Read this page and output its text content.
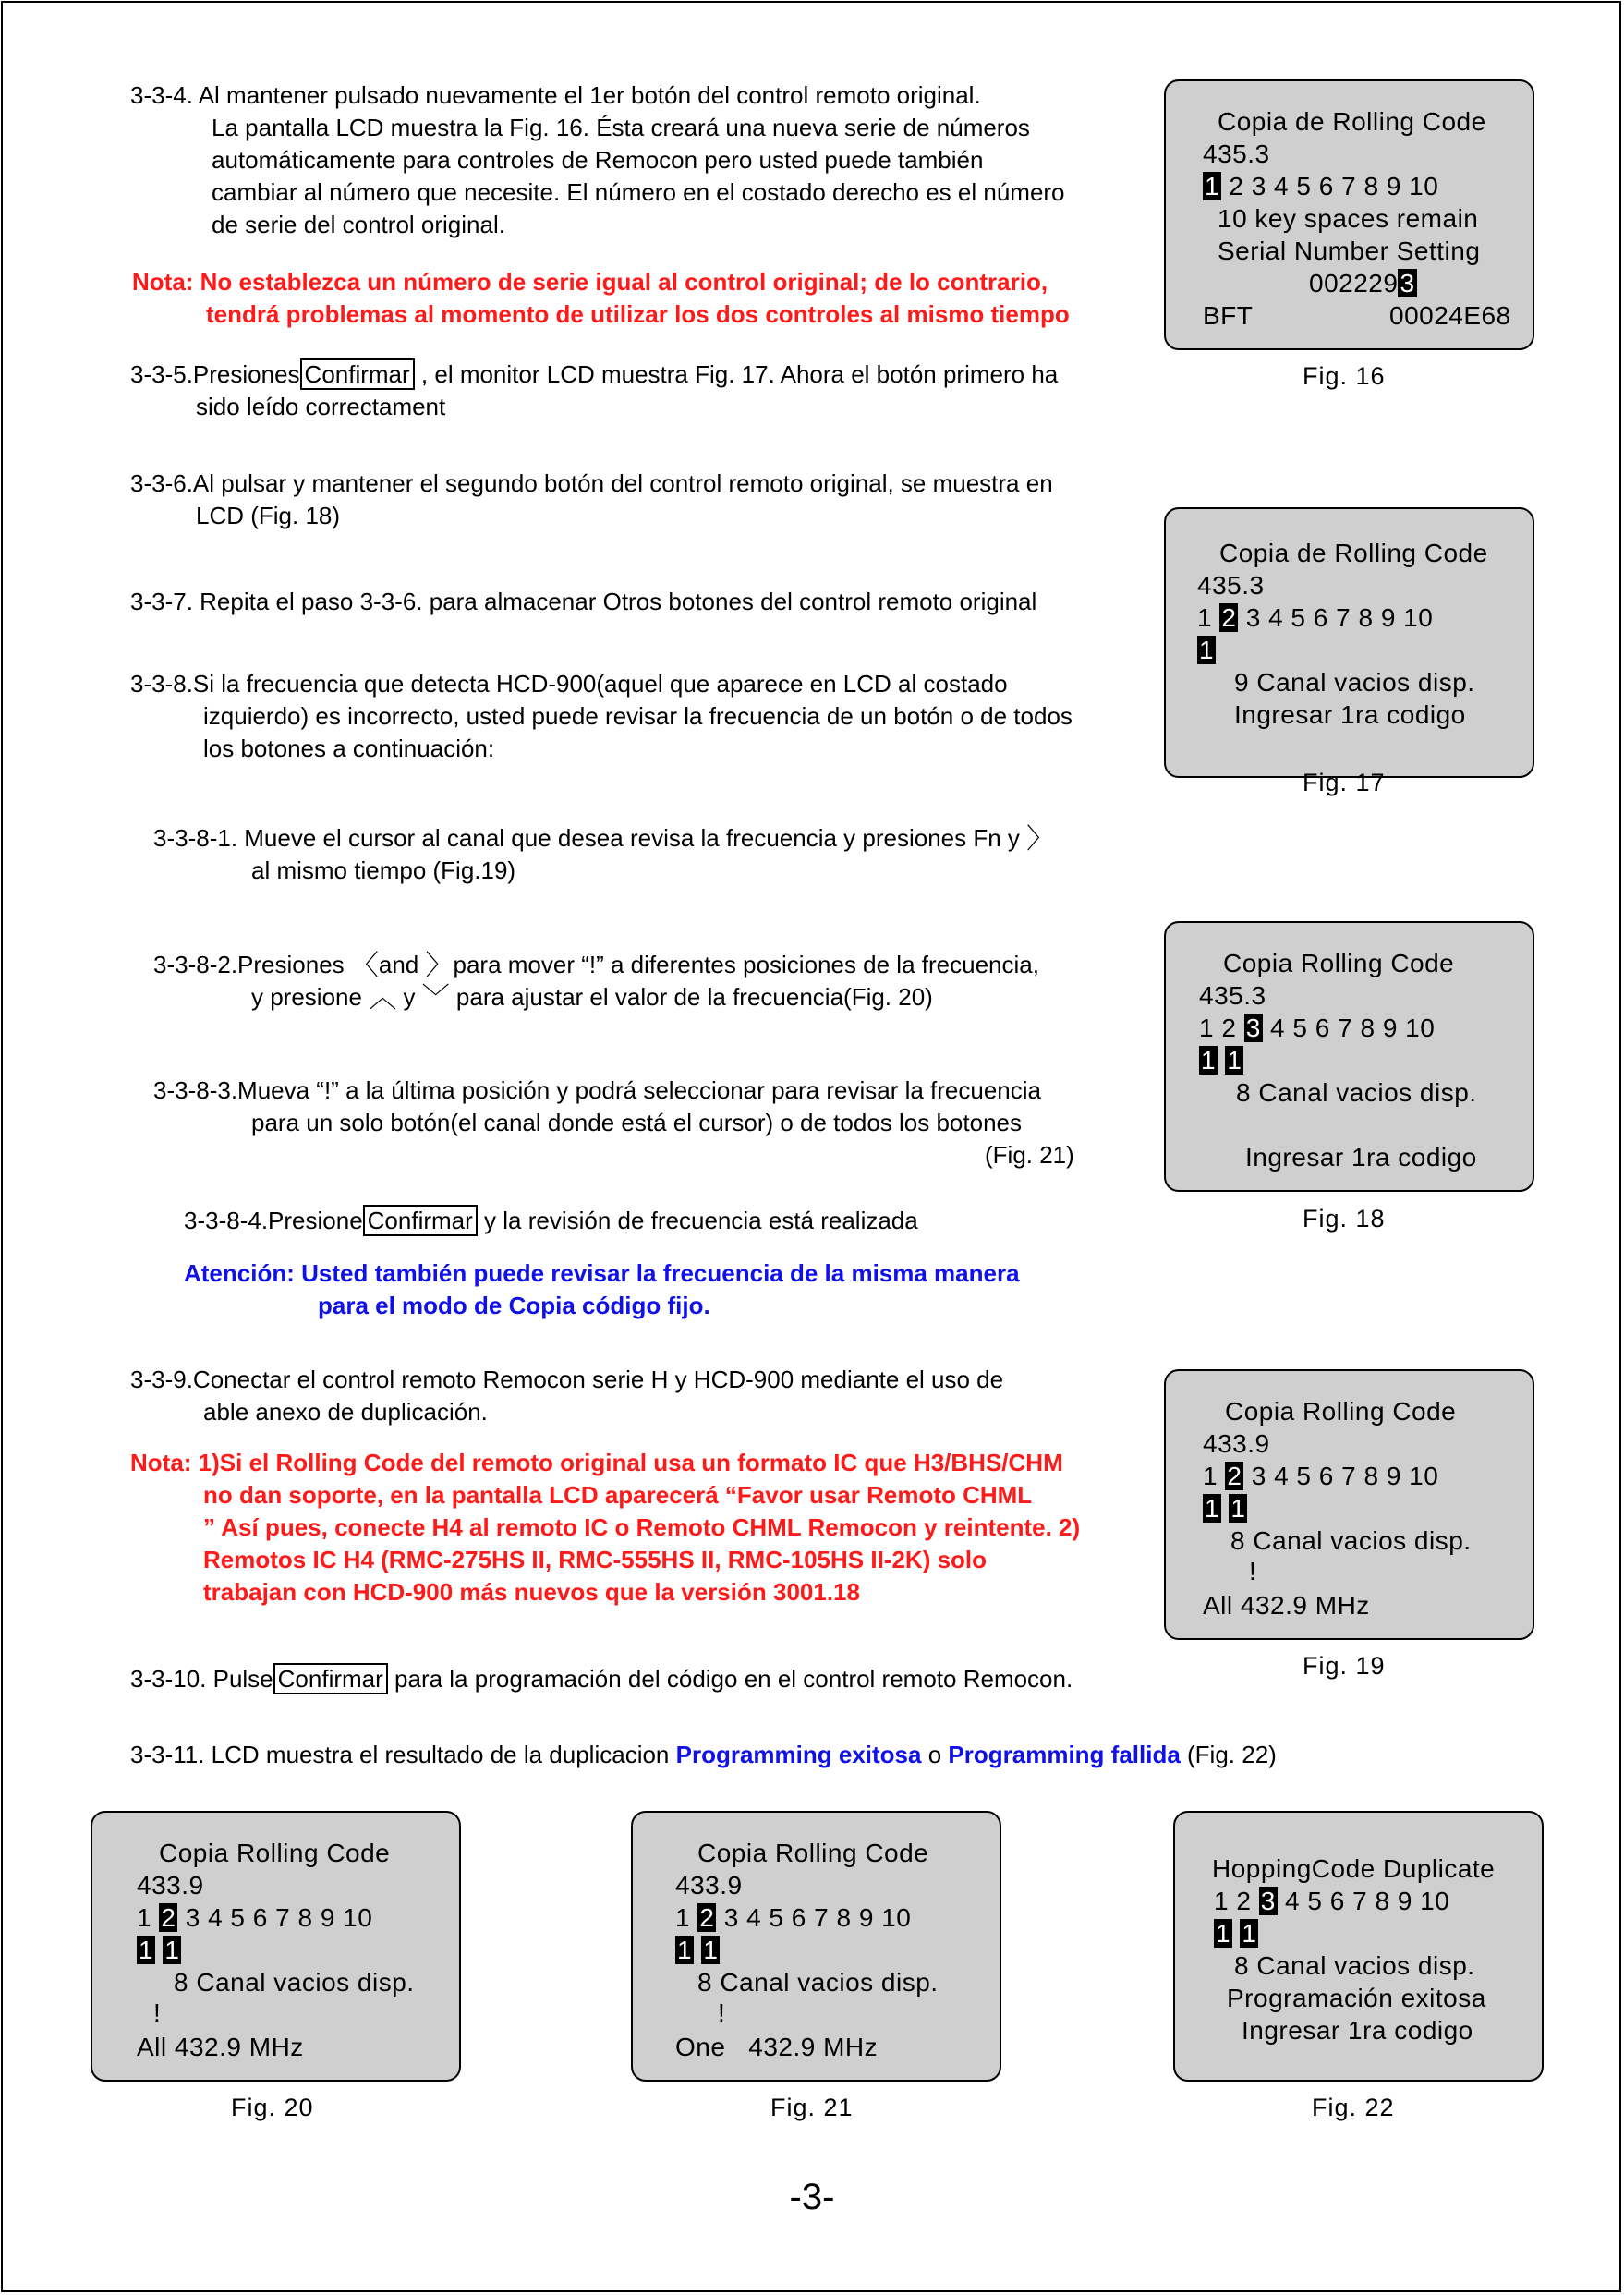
3-3-4. Al mantener pulsado nuevamente el 1er botón del control remoto original.
La pantalla LCD muestra la Fig. 16. Ésta creará una nueva serie de números
automáticamente para controles de Remocon pero usted puede también
cambiar al número que necesite. El número en el costado derecho es el número
de serie del control original.
Nota: No establezca un número de serie igual al control original; de lo contrario,
tendrá problemas al momento de utilizar los dos controles al mismo tiempo
3-3-5.Presiones Confirmar , el monitor LCD muestra Fig. 17. Ahora el botón primero ha
sido leído correctament
3-3-6.Al pulsar y mantener el segundo botón del control remoto original, se muestra en
LCD (Fig. 18)
3-3-7. Repita el paso 3-3-6. para almacenar Otros botones del control remoto original
3-3-8.Si la frecuencia que detecta HCD-900(aquel que aparece en LCD al costado
izquierdo) es incorrecto, usted puede revisar la frecuencia de un botón o de todos
los botones a continuación:
3-3-8-1. Mueve el cursor al canal que desea revisa la frecuencia y presiones Fn y 〉
al mismo tiempo (Fig.19)
3-3-8-2.Presiones 〈and 〉para mover “!” a diferentes posiciones de la frecuencia,
y presione ︿ y ﹀ para ajustar el valor de la frecuencia(Fig. 20)
3-3-8-3.Mueva “!” a la última posición y podrá seleccionar para revisar la frecuencia
para un solo botón(el canal donde está el cursor) o de todos los botones
(Fig. 21)
3-3-8-4.Presione Confirmar y la revisión de frecuencia está realizada
Atención: Usted también puede revisar la frecuencia de la misma manera
para el modo de Copia código fijo.
3-3-9.Conectar el control remoto Remocon serie H y HCD-900 mediante el uso de
able anexo de duplicación.
Nota: 1)Si el Rolling Code del remoto original usa un formato IC que H3/BHS/CHM
no dan soporte, en la pantalla LCD aparecerá “Favor usar Remoto CHML
” Así pues, conecte H4 al remoto IC o Remoto CHML Remocon y reintente. 2)
Remotos IC H4 (RMC-275HS II, RMC-555HS II, RMC-105HS II-2K) solo
trabajan con HCD-900 más nuevos que la versión 3001.18
3-3-10. Pulse Confirmar para la programación del código en el control remoto Remocon.
3-3-11. LCD muestra el resultado de la duplicacion Programming exitosa o Programming fallida (Fig. 22)
Copia de Rolling Code
435.3
1 2 3 4 5 6 7 8 9 10
10 key spaces remain
Serial Number Setting
0022293
BFT	00024E68
Fig. 16
Copia de Rolling Code
435.3
1 2 3 4 5 6 7 8 9 10
1
9 Canal vacios disp.
Ingresar 1ra codigo
Fig. 17
Copia Rolling Code
435.3
1 2 3 4 5 6 7 8 9 10
1 1
8 Canal vacios disp.
Ingresar 1ra codigo
Fig. 18
Copia Rolling Code
433.9
1 2 3 4 5 6 7 8 9 10
1 1
8 Canal vacios disp.
!
All 432.9 MHz
Fig. 19
Copia Rolling Code
433.9
1 2 3 4 5 6 7 8 9 10
1 1
8 Canal vacios disp.
!
All 432.9 MHz
Fig. 20
Copia Rolling Code
433.9
1 2 3 4 5 6 7 8 9 10
1 1
8 Canal vacios disp.
!
One   432.9 MHz
Fig. 21
HoppingCode Duplicate
1 2 3 4 5 6 7 8 9 10
1 1
8 Canal vacios disp.
Programación exitosa
Ingresar 1ra codigo
Fig. 22
-3-
